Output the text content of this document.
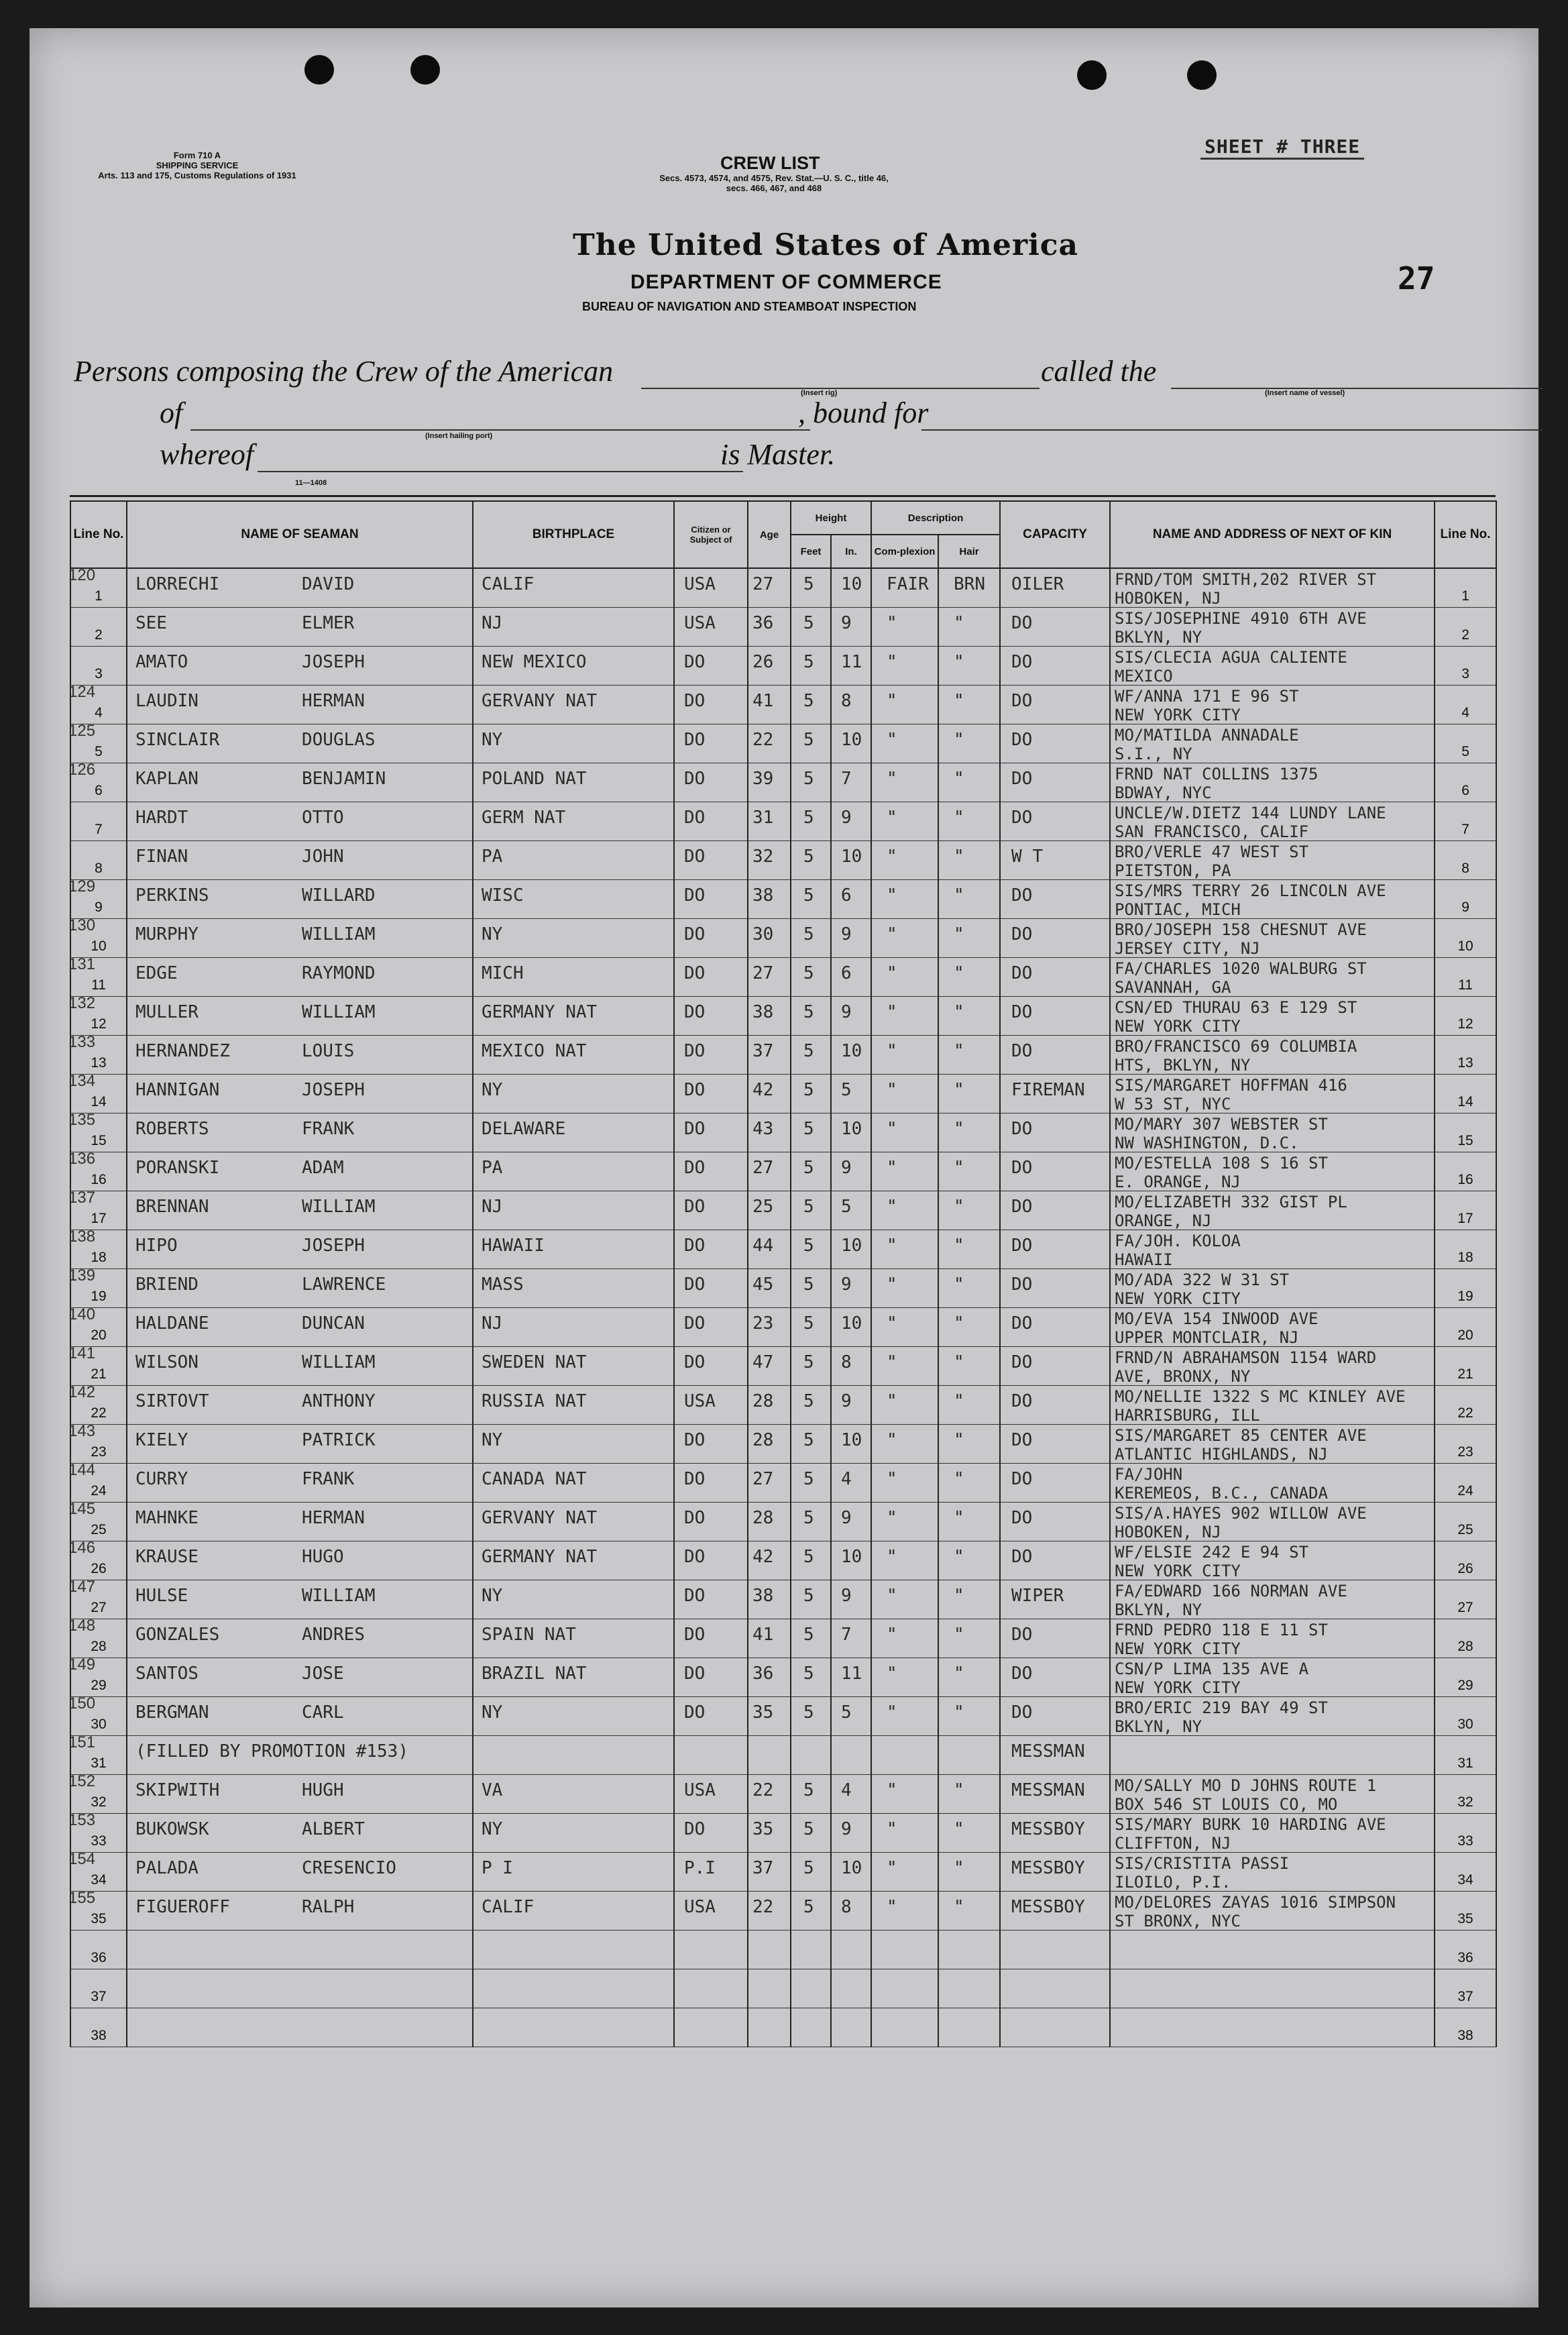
Form 710 A
SHIPPING SERVICE
Arts. 113 and 175, Customs Regulations of 1931
CREW LIST
Secs. 4573, 4574, and 4575, Rev. Stat.—U. S. C., title 46,
secs. 466, 467, and 468
SHEET # THREE
27
The United States of America
DEPARTMENT OF COMMERCE
BUREAU OF NAVIGATION AND STEAMBOAT INSPECTION
Persons composing the Crew of the American
(Insert rig)
called the
(Insert name of vessel)
of
(Insert hailing port)
, bound for
whereof
11—1408
is Master.
Line No.	NAME OF SEAMAN	BIRTHPLACE	Citizen or Subject of	Age	Height		Description		CAPACITY	NAME AND ADDRESS OF NEXT OF KIN	Line No.
					Feet	In.	Com-plexion	Hair			

120
1	LORRECHI DAVID	CALIF	USA	27	5	10	FAIR	BRN	OILER	FRND/TOM SMITH,202 RIVER ST
HOBOKEN, NJ	1

2	SEE ELMER	NJ	USA	36	5	9	"	"	DO	SIS/JOSEPHINE 4910 6TH AVE
BKLYN, NY	2

3	AMATO JOSEPH	NEW MEXICO	DO	26	5	11	"	"	DO	SIS/CLECIA AGUA CALIENTE
MEXICO	3

124
4	LAUDIN HERMAN	GERVANY NAT	DO	41	5	8	"	"	DO	WF/ANNA 171 E 96 ST
NEW YORK CITY	4

125
5	SINCLAIR DOUGLAS	NY	DO	22	5	10	"	"	DO	MO/MATILDA ANNADALE
S.I., NY	5

126
6	KAPLAN BENJAMIN	POLAND NAT	DO	39	5	7	"	"	DO	FRND NAT COLLINS 1375
BDWAY, NYC	6

7	HARDT OTTO	GERM NAT	DO	31	5	9	"	"	DO	UNCLE/W.DIETZ 144 LUNDY LANE
SAN FRANCISCO, CALIF	7

8	FINAN JOHN	PA	DO	32	5	10	"	"	W T	BRO/VERLE 47 WEST ST
PIETSTON, PA	8

129
9	PERKINS WILLARD	WISC	DO	38	5	6	"	"	DO	SIS/MRS TERRY 26 LINCOLN AVE
PONTIAC, MICH	9

130
10	MURPHY WILLIAM	NY	DO	30	5	9	"	"	DO	BRO/JOSEPH 158 CHESNUT AVE
JERSEY CITY, NJ	10

131
11	EDGE RAYMOND	MICH	DO	27	5	6	"	"	DO	FA/CHARLES 1020 WALBURG ST
SAVANNAH, GA	11

132
12	MULLER WILLIAM	GERMANY NAT	DO	38	5	9	"	"	DO	CSN/ED THURAU 63 E 129 ST
NEW YORK CITY	12

133
13	HERNANDEZ LOUIS	MEXICO NAT	DO	37	5	10	"	"	DO	BRO/FRANCISCO 69 COLUMBIA
HTS, BKLYN, NY	13

134
14	HANNIGAN JOSEPH	NY	DO	42	5	5	"	"	FIREMAN	SIS/MARGARET HOFFMAN 416
W 53 ST, NYC	14

135
15	ROBERTS FRANK	DELAWARE	DO	43	5	10	"	"	DO	MO/MARY 307 WEBSTER ST
NW WASHINGTON, D.C.	15

136
16	PORANSKI ADAM	PA	DO	27	5	9	"	"	DO	MO/ESTELLA 108 S 16 ST
E. ORANGE, NJ	16

137
17	BRENNAN WILLIAM	NJ	DO	25	5	5	"	"	DO	MO/ELIZABETH 332 GIST PL
ORANGE, NJ	17

138
18	HIPO JOSEPH	HAWAII	DO	44	5	10	"	"	DO	FA/JOH. KOLOA
HAWAII	18

139
19	BRIEND LAWRENCE	MASS	DO	45	5	9	"	"	DO	MO/ADA 322 W 31 ST
NEW YORK CITY	19

140
20	HALDANE DUNCAN	NJ	DO	23	5	10	"	"	DO	MO/EVA 154 INWOOD AVE
UPPER MONTCLAIR, NJ	20

141
21	WILSON WILLIAM	SWEDEN NAT	DO	47	5	8	"	"	DO	FRND/N ABRAHAMSON 1154 WARD
AVE, BRONX, NY	21

142
22	SIRTOVT ANTHONY	RUSSIA NAT	USA	28	5	9	"	"	DO	MO/NELLIE 1322 S MC KINLEY AVE
HARRISBURG, ILL	22

143
23	KIELY PATRICK	NY	DO	28	5	10	"	"	DO	SIS/MARGARET 85 CENTER AVE
ATLANTIC HIGHLANDS, NJ	23

144
24	CURRY FRANK	CANADA NAT	DO	27	5	4	"	"	DO	FA/JOHN
KEREMEOS, B.C., CANADA	24

145
25	MAHNKE HERMAN	GERVANY NAT	DO	28	5	9	"	"	DO	SIS/A.HAYES 902 WILLOW AVE
HOBOKEN, NJ	25

146
26	KRAUSE HUGO	GERMANY NAT	DO	42	5	10	"	"	DO	WF/ELSIE 242 E 94 ST
NEW YORK CITY	26

147
27	HULSE WILLIAM	NY	DO	38	5	9	"	"	WIPER	FA/EDWARD 166 NORMAN AVE
BKLYN, NY	27

148
28	GONZALES ANDRES	SPAIN NAT	DO	41	5	7	"	"	DO	FRND PEDRO 118 E 11 ST
NEW YORK CITY	28

149
29	SANTOS JOSE	BRAZIL NAT	DO	36	5	11	"	"	DO	CSN/P LIMA 135 AVE A
NEW YORK CITY	29

150
30	BERGMAN CARL	NY	DO	35	5	5	"	"	DO	BRO/ERIC 219 BAY 49 ST
BKLYN, NY	30

151
31	(FILLED BY PROMOTION #153)								MESSMAN		31

152
32	SKIPWITH HUGH	VA	USA	22	5	4	"	"	MESSMAN	MO/SALLY MO D JOHNS ROUTE 1
BOX 546 ST LOUIS CO, MO	32

153
33	BUKOWSK ALBERT	NY	DO	35	5	9	"	"	MESSBOY	SIS/MARY BURK 10 HARDING AVE
CLIFFTON, NJ	33

154
34	PALADA CRESENCIO	P I	P.I	37	5	10	"	"	MESSBOY	SIS/CRISTITA PASSI
ILOILO, P.I.	34

155
35	FIGUEROFF RALPH	CALIF	USA	22	5	8	"	"	MESSBOY	MO/DELORES ZAYAS 1016 SIMPSON
ST BRONX, NYC	35

36											36

37											37

38											38
